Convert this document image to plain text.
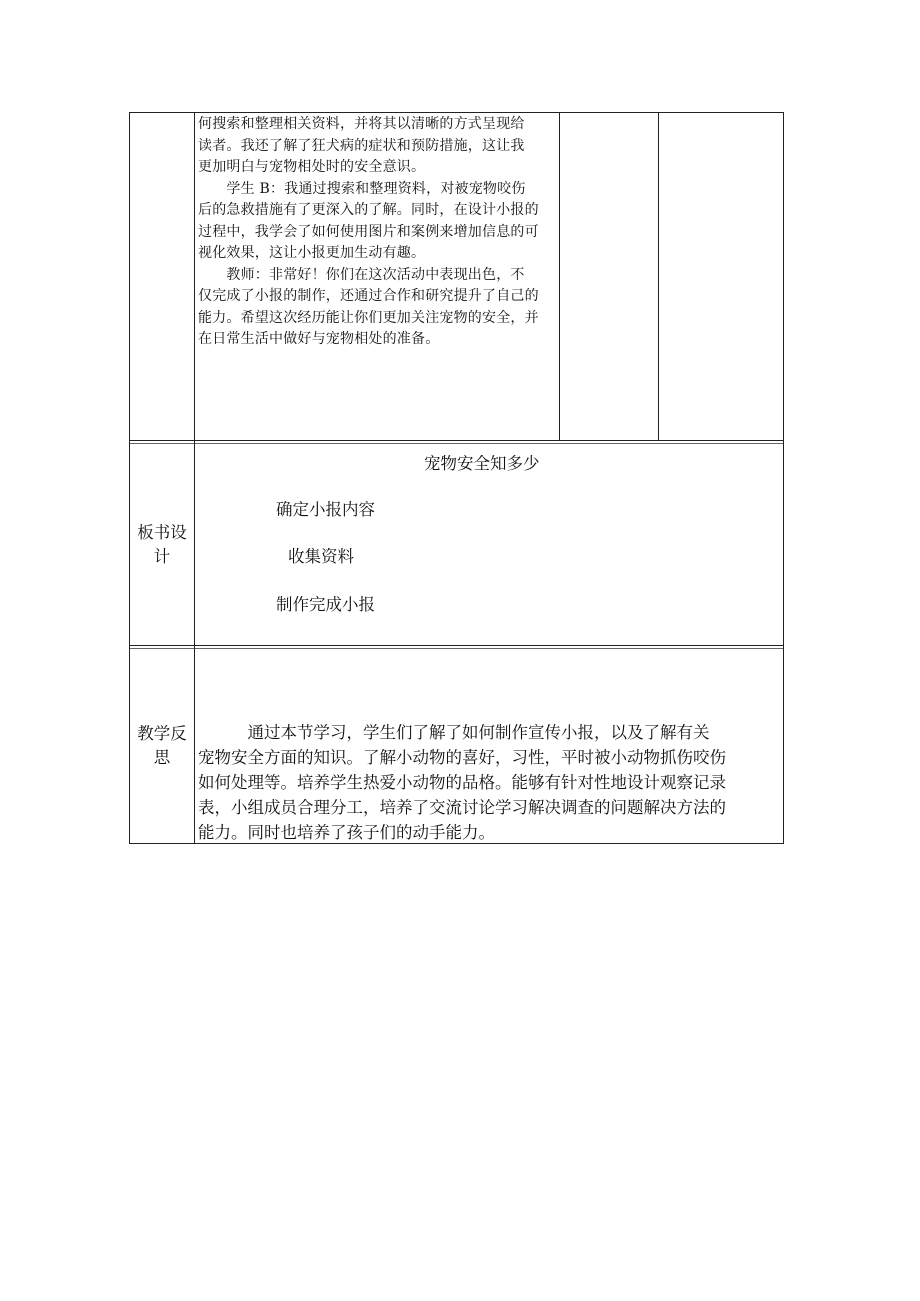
何搜索和整理相关资料，并将其以清晰的方式呈现给
读者。我还了解了狂犬病的症状和预防措施，这让我
更加明白与宠物相处时的安全意识。
　　学生 B：我通过搜索和整理资料，对被宠物咬伤
后的急救措施有了更深入的了解。同时，在设计小报的
过程中，我学会了如何使用图片和案例来增加信息的可
视化效果，这让小报更加生动有趣。
　　教师：非常好！你们在这次活动中表现出色，不
仅完成了小报的制作，还通过合作和研究提升了自己的
能力。希望这次经历能让你们更加关注宠物的安全，并
在日常生活中做好与宠物相处的准备。
板书设
计
宠物安全知多少
确定小报内容
收集资料
制作完成小报
教学反
思
　　　通过本节学习，学生们了解了如何制作宣传小报，以及了解有关
宠物安全方面的知识。了解小动物的喜好，习性，平时被小动物抓伤咬伤
如何处理等。培养学生热爱小动物的品格。能够有针对性地设计观察记录
表，小组成员合理分工，培养了交流讨论学习解决调查的问题解决方法的
能力。同时也培养了孩子们的动手能力。
